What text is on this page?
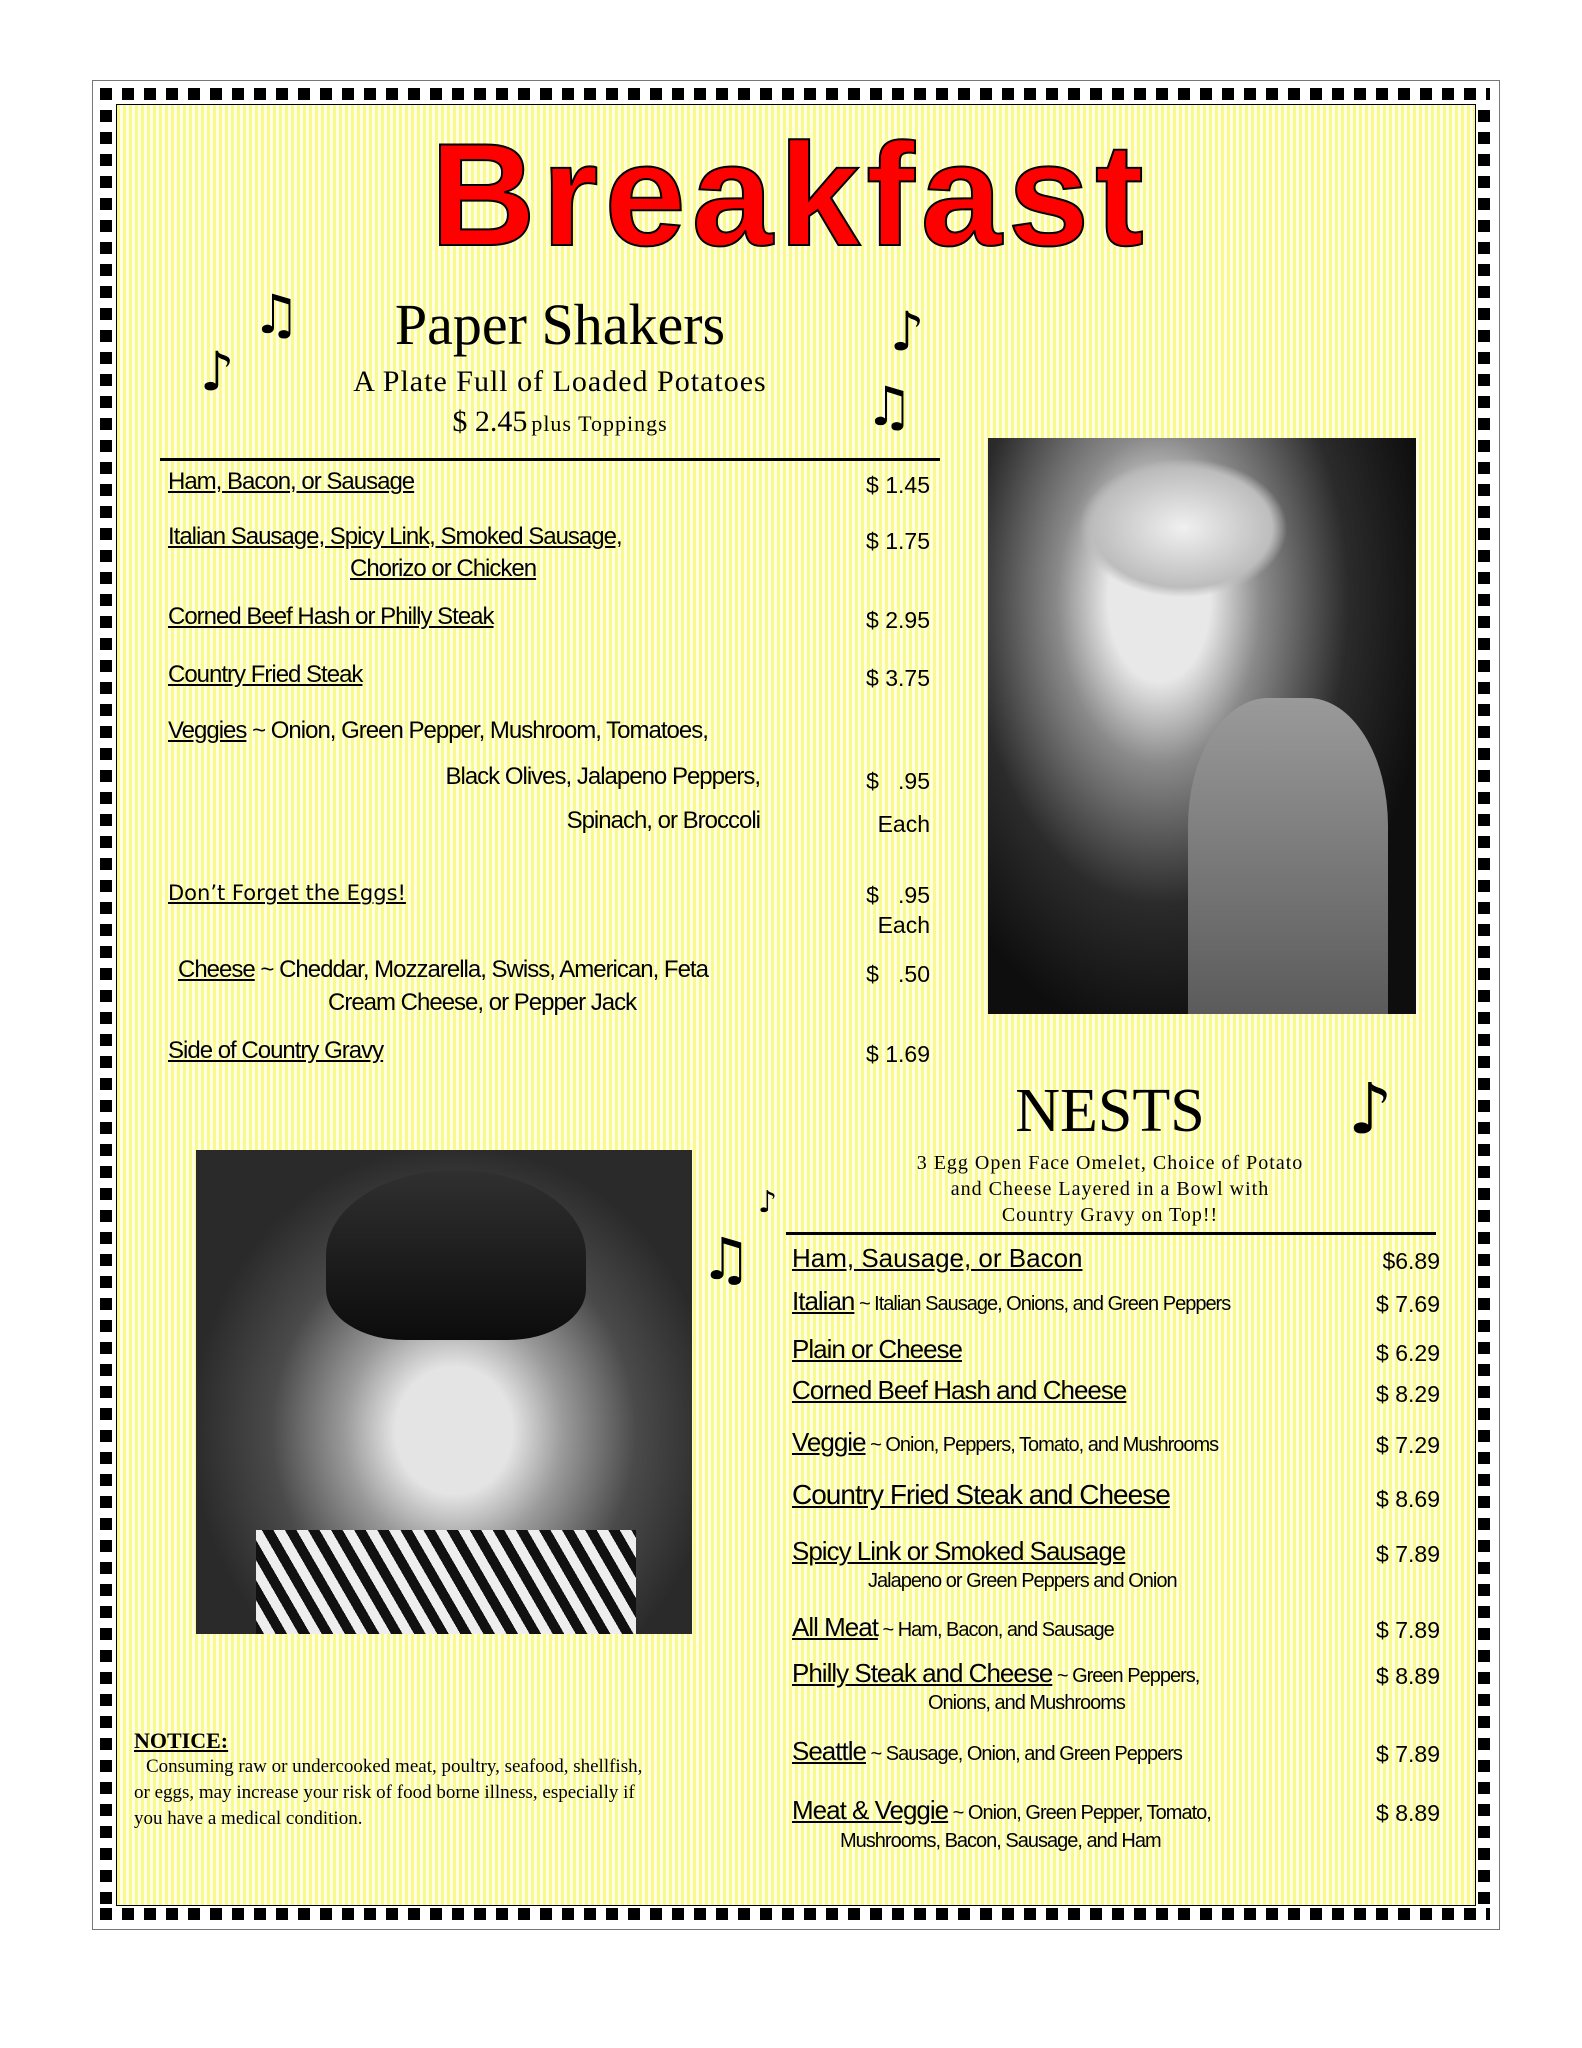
Breakfast
♫
♪
♪
♫
♪
♫
♪
Paper Shakers
A Plate Full of Loaded Potatoes
$ 2.45 plus Toppings
Ham, Bacon, or Sausage	$ 1.45
Italian Sausage, Spicy Link, Smoked Sausage,
Chorizo or Chicken
$ 1.75
Corned Beef Hash or Philly Steak	$ 2.95
Country Fried Steak	$ 3.75
Veggies ~ Onion, Green Pepper, Mushroom, Tomatoes,
Black Olives, Jalapeno Peppers,
Spinach, or Broccoli
$   .95
Each
Don’t Forget the Eggs!	$   .95
Each
Cheese ~ Cheddar, Mozzarella, Swiss, American, Feta
Cream Cheese, or Pepper Jack
$   .50
Side of Country Gravy	$ 1.69
NESTS
3 Egg Open Face Omelet, Choice of Potato
and Cheese Layered in a Bowl with
Country Gravy on Top!!
Ham, Sausage, or Bacon	$6.89
Italian ~ Italian Sausage, Onions, and Green Peppers	$ 7.69
Plain or Cheese	$ 6.29
Corned Beef Hash and Cheese	$ 8.29
Veggie ~ Onion, Peppers, Tomato, and Mushrooms	$ 7.29
Country Fried Steak and Cheese	$ 8.69
Spicy Link or Smoked Sausage
Jalapeno or Green Peppers and Onion
$ 7.89
All Meat ~ Ham, Bacon, and Sausage	$ 7.89
Philly Steak and Cheese ~ Green Peppers,
Onions, and Mushrooms
$ 8.89
Seattle ~ Sausage, Onion, and Green Peppers	$ 7.89
Meat & Veggie ~ Onion, Green Pepper, Tomato,
Mushrooms, Bacon, Sausage, and Ham
$ 8.89
NOTICE:
Consuming raw or undercooked meat, poultry, seafood, shellfish,
or eggs, may increase your risk of food borne illness, especially if
you have a medical condition.
